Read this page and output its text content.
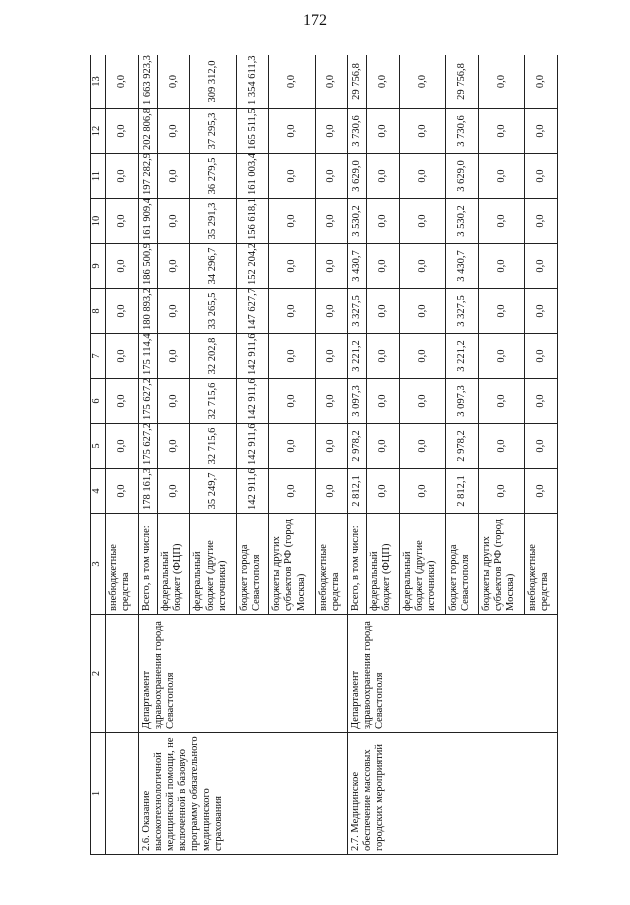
172
1	2	3	4	5	6	7	8	9	10	11	12	13
		внебюджетные средства	0,0	0,0	0,0	0,0	0,0	0,0	0,0	0,0	0,0	0,0
2.6. Оказание высокотехнологичной медицинской помощи, не включенной в базовую программу обязательного медицинского страхования	Департамент здравоохранения города Севастополя	Всего, в том числе:	178 161,3	175 627,2	175 627,2	175 114,4	180 893,2	186 500,9	161 909,4	197 282,9	202 806,8	1 663 923,3
		федеральный бюджет (ФЦП)	0,0	0,0	0,0	0,0	0,0	0,0	0,0	0,0	0,0	0,0
		федеральный бюджет (другие источники)	35 249,7	32 715,6	32 715,6	32 202,8	33 265,5	34 296,7	35 291,3	36 279,5	37 295,3	309 312,0
		бюджет города Севастополя	142 911,6	142 911,6	142 911,6	142 911,6	147 627,7	152 204,2	156 618,1	161 003,4	165 511,5	1 354 611,3
		бюджеты других субъектов РФ (город Москва)	0,0	0,0	0,0	0,0	0,0	0,0	0,0	0,0	0,0	0,0
		внебюджетные средства	0,0	0,0	0,0	0,0	0,0	0,0	0,0	0,0	0,0	0,0
2.7. Медицинское обеспечение массовых городских мероприятий	Департамент здравоохранения города Севастополя	Всего, в том числе:	2 812,1	2 978,2	3 097,3	3 221,2	3 327,5	3 430,7	3 530,2	3 629,0	3 730,6	29 756,8
		федеральный бюджет (ФЦП)	0,0	0,0	0,0	0,0	0,0	0,0	0,0	0,0	0,0	0,0
		федеральный бюджет (другие источники)	0,0	0,0	0,0	0,0	0,0	0,0	0,0	0,0	0,0	0,0
		бюджет города Севастополя	2 812,1	2 978,2	3 097,3	3 221,2	3 327,5	3 430,7	3 530,2	3 629,0	3 730,6	29 756,8
		бюджеты других субъектов РФ (город Москва)	0,0	0,0	0,0	0,0	0,0	0,0	0,0	0,0	0,0	0,0
		внебюджетные средства	0,0	0,0	0,0	0,0	0,0	0,0	0,0	0,0	0,0	0,0
